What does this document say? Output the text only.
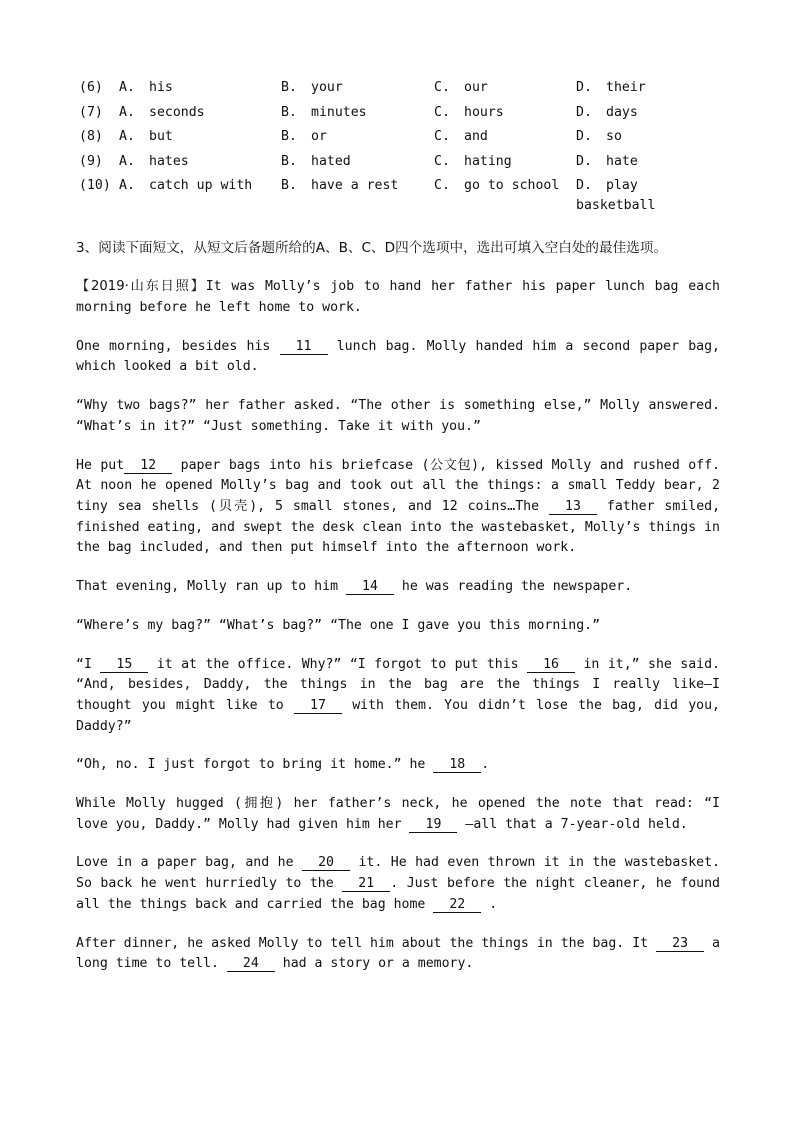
(6)	A. his	B. your	C. our	D. their
(7)	A. seconds	B. minutes	C. hours	D. days
(8)	A. but	B. or	C. and	D. so
(9)	A. hates	B. hated	C. hating	D. hate
(10)	A. catch up with	B. have a rest	C. go to school	D. play basketball
3、阅读下面短文，从短文后备题所给的A、B、C、D四个选项中，选出可填入空白处的最佳选项。

【2019·山东日照】It was Molly’s job to hand her father his paper lunch bag each morning before he left home to work.

One morning, besides his 11 lunch bag. Molly handed him a second paper bag, which looked a bit old.

“Why two bags?” her father asked. “The other is something else,” Molly answered. “What’s in it?” “Just something. Take it with you.”

He put 12 paper bags into his briefcase (公文包), kissed Molly and rushed off. At noon he opened Molly’s bag and took out all the things: a small Teddy bear, 2 tiny sea shells (贝壳), 5 small stones, and 12 coins…The 13 father smiled, finished eating, and swept the desk clean into the wastebasket, Molly’s things in the bag included, and then put himself into the afternoon work.

That evening, Molly ran up to him 14 he was reading the newspaper.

“Where’s my bag?” “What’s bag?” “The one I gave you this morning.”

“I 15 it at the office. Why?” “I forgot to put this 16 in it,” she said. “And, besides, Daddy, the things in the bag are the things I really like—I thought you might like to 17 with them. You didn’t lose the bag, did you, Daddy?”

“Oh, no. I just forgot to bring it home.” he 18 .

While Molly hugged (拥抱) her father’s neck, he opened the note that read: “I love you, Daddy.” Molly had given him her 19 —all that a 7-year-old held.

Love in a paper bag, and he 20 it. He had even thrown it in the wastebasket. So back he went hurriedly to the 21 . Just before the night cleaner, he found all the things back and carried the bag home 22 .

After dinner, he asked Molly to tell him about the things in the bag. It 23 a long time to tell. 24 had a story or a memory.
